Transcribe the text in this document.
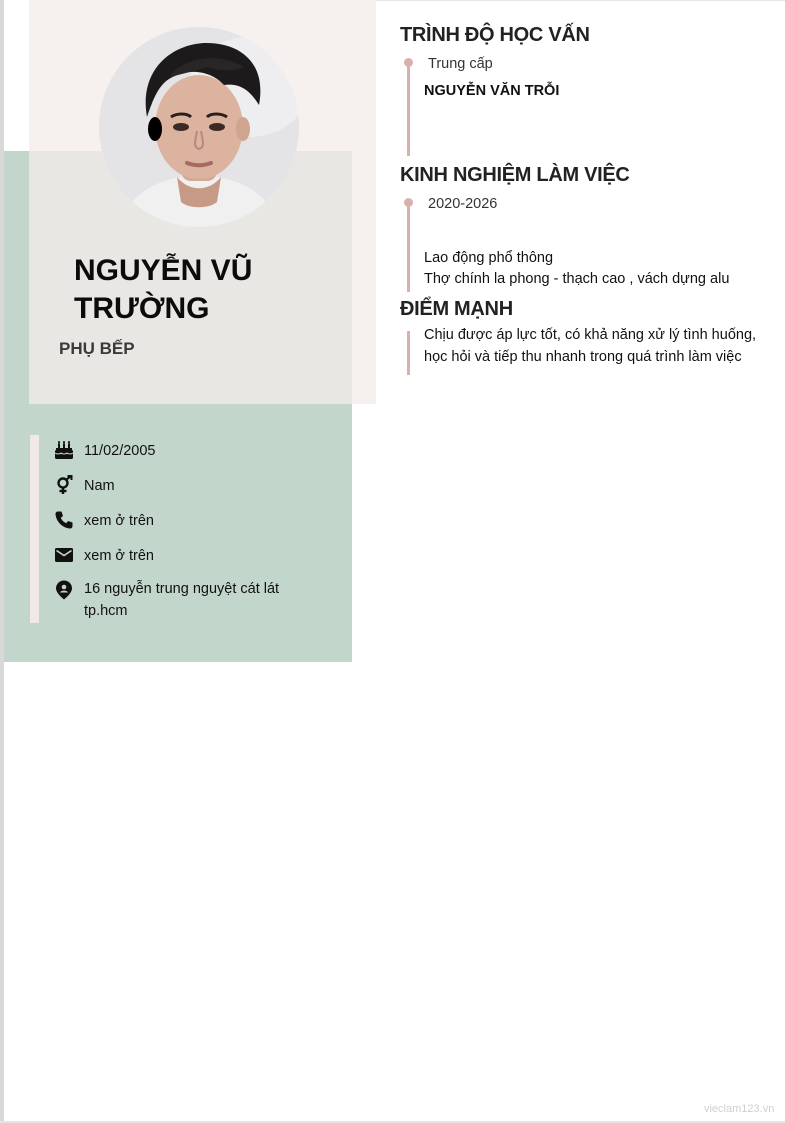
NGUYỄN VŨ TRƯỜNG
PHỤ BẾP
11/02/2005
Nam
xem ở trên
xem ở trên
16 nguyễn trung nguyệt cát lát tp.hcm
TRÌNH ĐỘ HỌC VẤN
Trung cấp
NGUYỄN VĂN TRỖI
KINH NGHIỆM LÀM VIỆC
2020-2026
Lao động phổ thông
Thợ chính la phong - thạch cao , vách dựng alu
ĐIỂM MẠNH
Chịu được áp lực tốt, có khả năng xử lý tình huống, học hỏi và tiếp thu nhanh trong quá trình làm việc
vieclam123.vn
